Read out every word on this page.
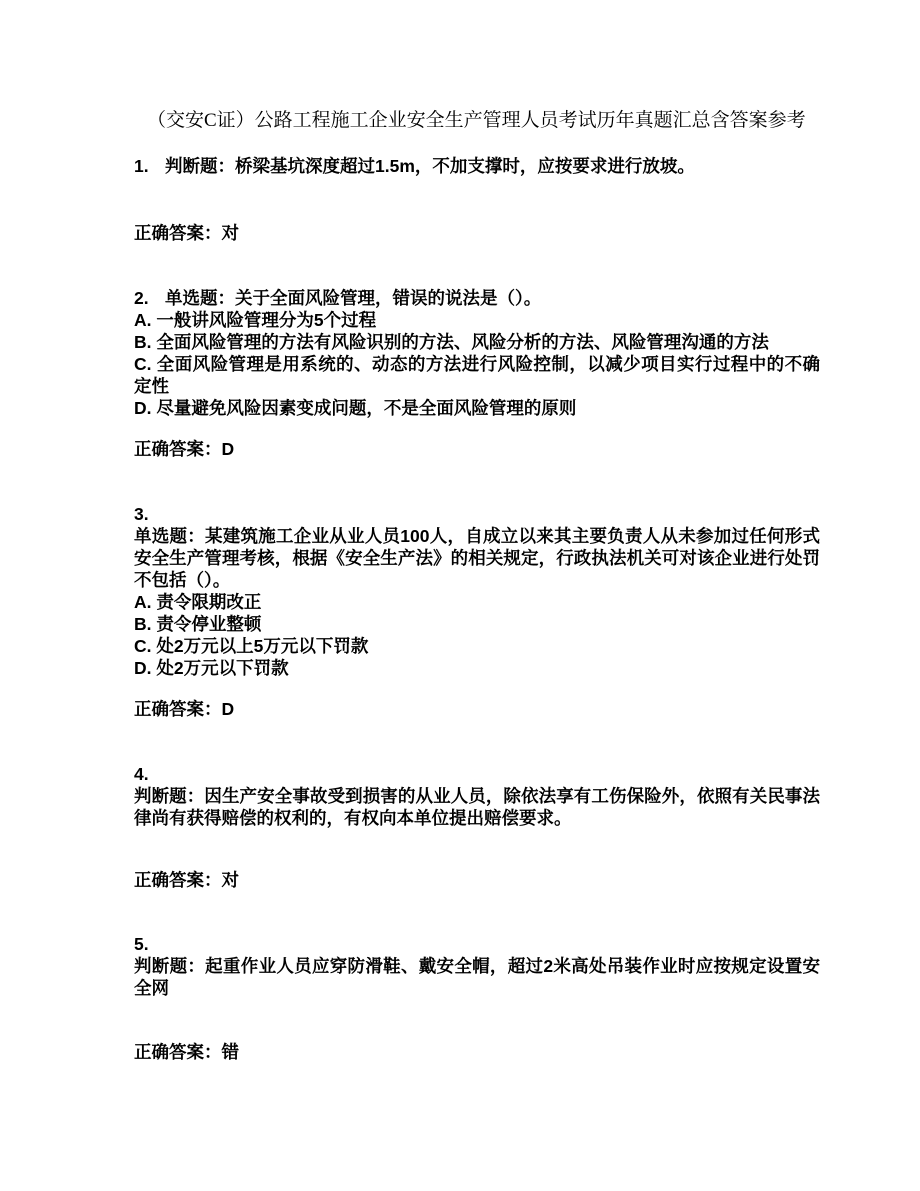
（交安C证）公路工程施工企业安全生产管理人员考试历年真题汇总含答案参考
1. 判断题：桥梁基坑深度超过1.5m，不加支撑时，应按要求进行放坡。
正确答案：对
2. 单选题：关于全面风险管理，错误的说法是（）。
A. 一般讲风险管理分为5个过程
B. 全面风险管理的方法有风险识别的方法、风险分析的方法、风险管理沟通的方法
C. 全面风险管理是用系统的、动态的方法进行风险控制，以减少项目实行过程中的不确定性
D. 尽量避免风险因素变成问题，不是全面风险管理的原则
正确答案：D
3.
单选题：某建筑施工企业从业人员100人，自成立以来其主要负责人从未参加过任何形式安全生产管理考核，根据《安全生产法》的相关规定，行政执法机关可对该企业进行处罚不包括（）。
A. 责令限期改正
B. 责令停业整顿
C. 处2万元以上5万元以下罚款
D. 处2万元以下罚款
正确答案：D
4.
判断题：因生产安全事故受到损害的从业人员，除依法享有工伤保险外，依照有关民事法律尚有获得赔偿的权利的，有权向本单位提出赔偿要求。
正确答案：对
5.
判断题：起重作业人员应穿防滑鞋、戴安全帽，超过2米高处吊装作业时应按规定设置安全网
正确答案：错
